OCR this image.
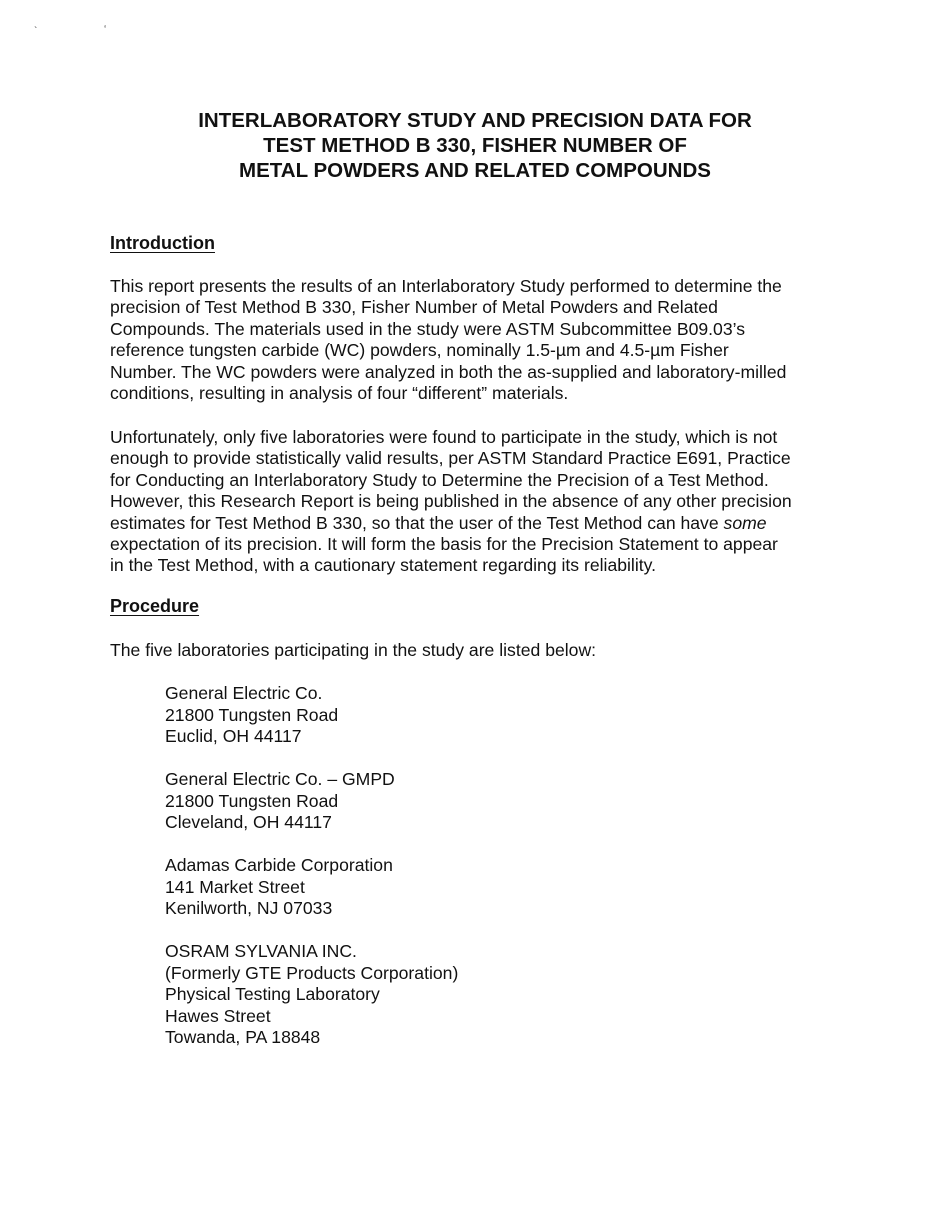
`	‘
INTERLABORATORY STUDY AND PRECISION DATA FOR
TEST METHOD B 330, FISHER NUMBER OF
METAL POWDERS AND RELATED COMPOUNDS
Introduction

This report presents the results of an Interlaboratory Study performed to determine the
precision of Test Method B 330, Fisher Number of Metal Powders and Related
Compounds. The materials used in the study were ASTM Subcommittee B09.03’s
reference tungsten carbide (WC) powders, nominally 1.5-µm and 4.5-µm Fisher
Number. The WC powders were analyzed in both the as-supplied and laboratory-milled
conditions, resulting in analysis of four “different” materials.

Unfortunately, only five laboratories were found to participate in the study, which is not
enough to provide statistically valid results, per ASTM Standard Practice E691, Practice
for Conducting an Interlaboratory Study to Determine the Precision of a Test Method.
However, this Research Report is being published in the absence of any other precision
estimates for Test Method B 330, so that the user of the Test Method can have some
expectation of its precision. It will form the basis for the Precision Statement to appear
in the Test Method, with a cautionary statement regarding its reliability.

Procedure

The five laboratories participating in the study are listed below:

General Electric Co.
21800 Tungsten Road
Euclid, OH 44117
General Electric Co. – GMPD
21800 Tungsten Road
Cleveland, OH 44117
Adamas Carbide Corporation
141 Market Street
Kenilworth, NJ 07033
OSRAM SYLVANIA INC.
(Formerly GTE Products Corporation)
Physical Testing Laboratory
Hawes Street
Towanda, PA 18848
